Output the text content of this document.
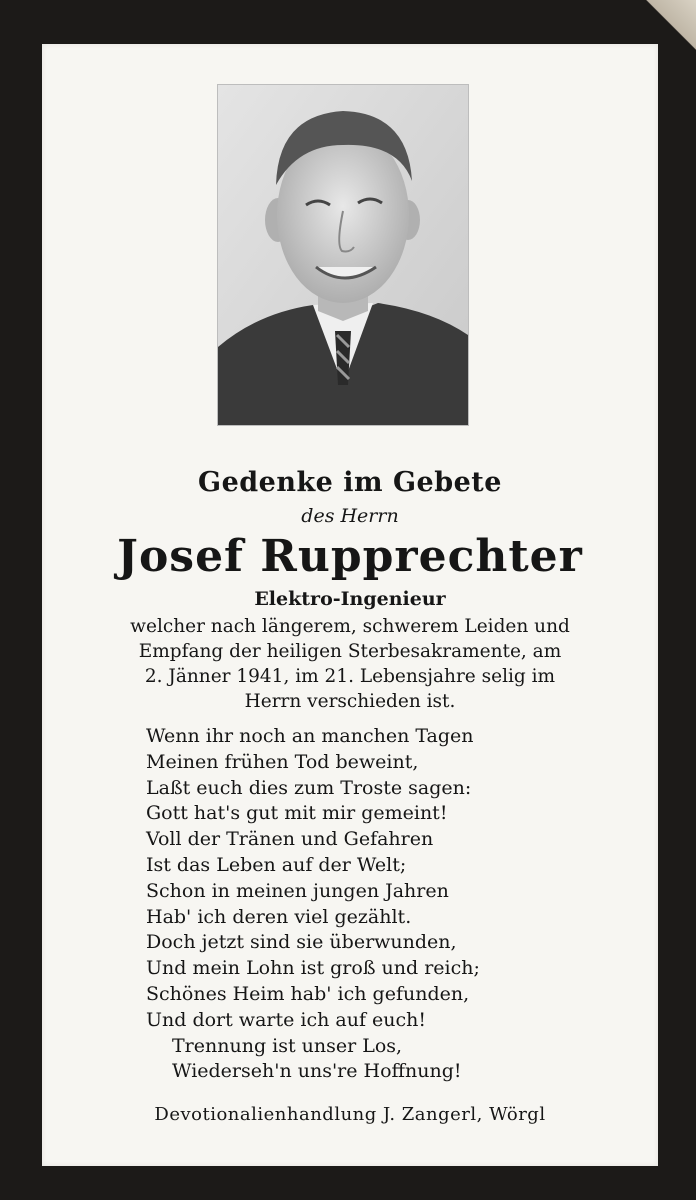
Gedenke im Gebete

des Herrn

Josef Rupprechter

Elektro-Ingenieur

welcher nach längerem, schwerem Leiden und
Empfang der heiligen Sterbesakramente, am
2. Jänner 1941, im 21. Lebensjahre selig im
Herrn verschieden ist.
Wenn ihr noch an manchen Tagen
Meinen frühen Tod beweint,
Laßt euch dies zum Troste sagen:
Gott hat's gut mit mir gemeint!
Voll der Tränen und Gefahren
Ist das Leben auf der Welt;
Schon in meinen jungen Jahren
Hab' ich deren viel gezählt.
Doch jetzt sind sie überwunden,
Und mein Lohn ist groß und reich;
Schönes Heim hab' ich gefunden,
Und dort warte ich auf euch!
Trennung ist unser Los,
Wiederseh'n uns're Hoffnung!
Devotionalienhandlung J. Zangerl, Wörgl
